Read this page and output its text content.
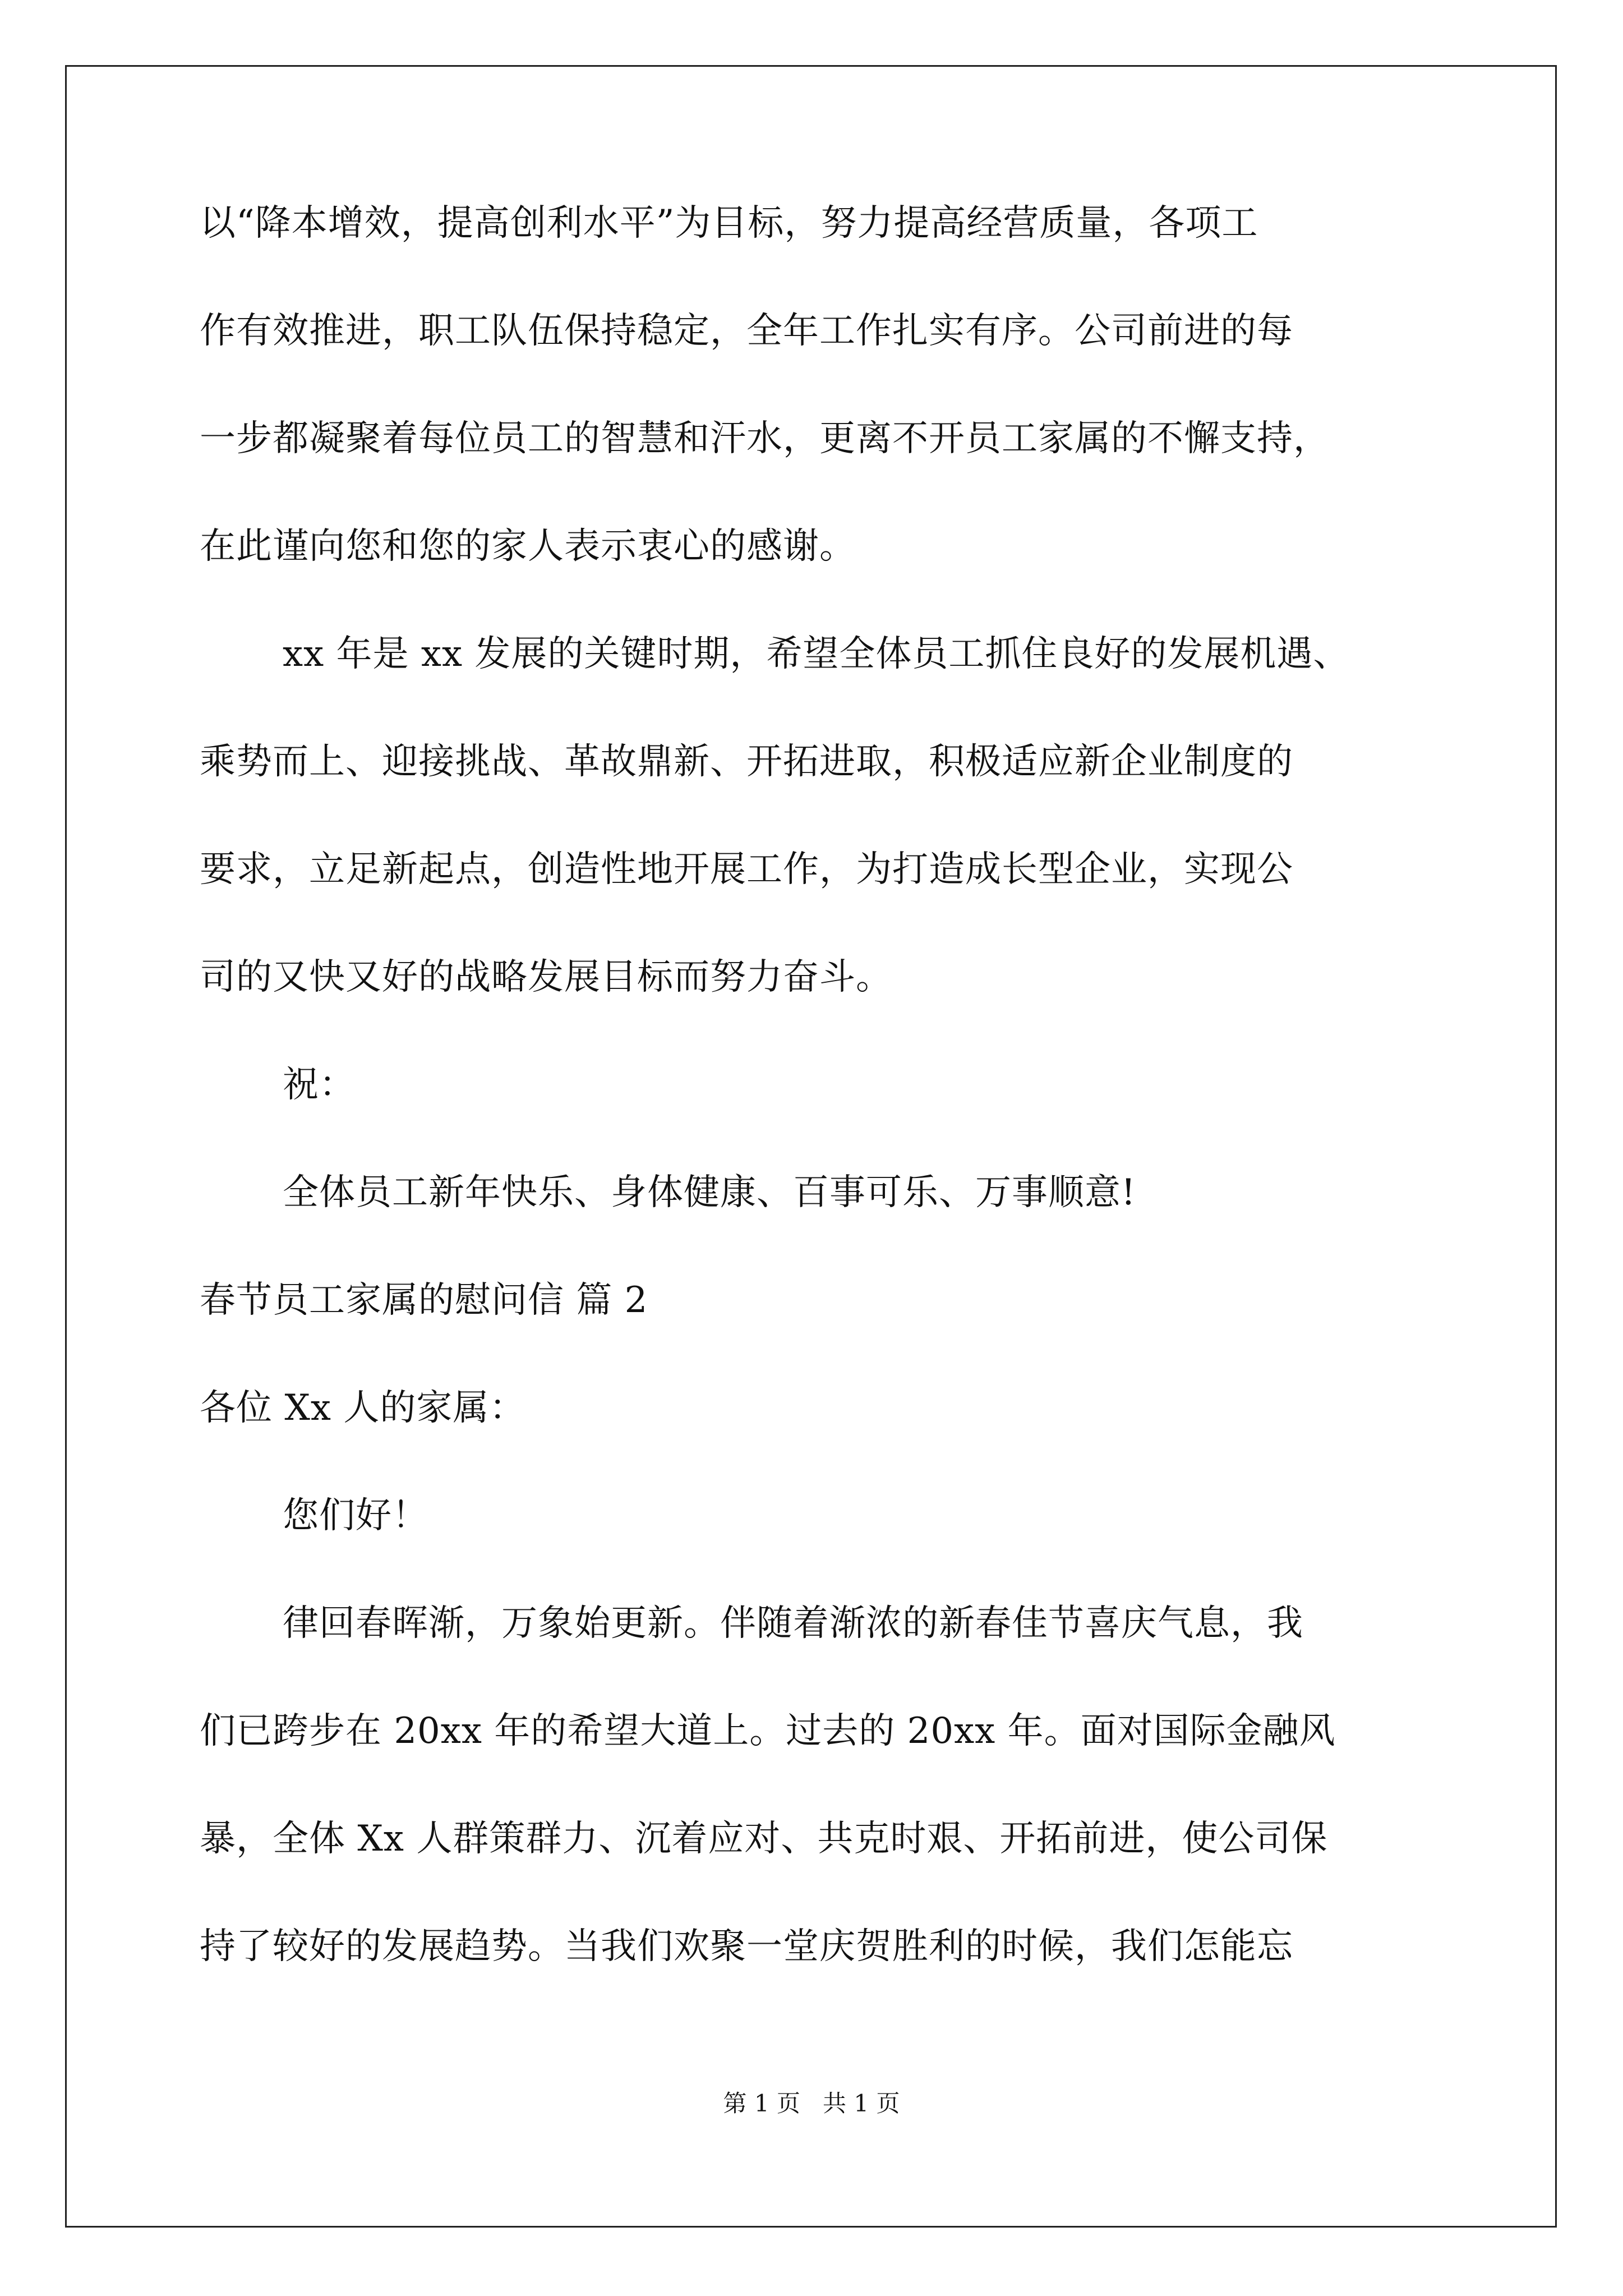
以“降本增效，提高创利水平”为目标，努力提高经营质量，各项工
作有效推进，职工队伍保持稳定，全年工作扎实有序。公司前进的每
一步都凝聚着每位员工的智慧和汗水，更离不开员工家属的不懈支持，
在此谨向您和您的家人表示衷心的感谢。
xx 年是 xx 发展的关键时期，希望全体员工抓住良好的发展机遇、
乘势而上、迎接挑战、革故鼎新、开拓进取，积极适应新企业制度的
要求，立足新起点，创造性地开展工作，为打造成长型企业，实现公
司的又快又好的战略发展目标而努力奋斗。
祝：
全体员工新年快乐、身体健康、百事可乐、万事顺意!
春节员工家属的慰问信 篇 2
各位 Xx 人的家属：
您们好！
律回春晖渐，万象始更新。伴随着渐浓的新春佳节喜庆气息，我
们已跨步在 20xx 年的希望大道上。过去的 20xx 年。面对国际金融风
暴，全体 Xx 人群策群力、沉着应对、共克时艰、开拓前进，使公司保
持了较好的发展趋势。当我们欢聚一堂庆贺胜利的时候，我们怎能忘
第 1 页   共 1 页
